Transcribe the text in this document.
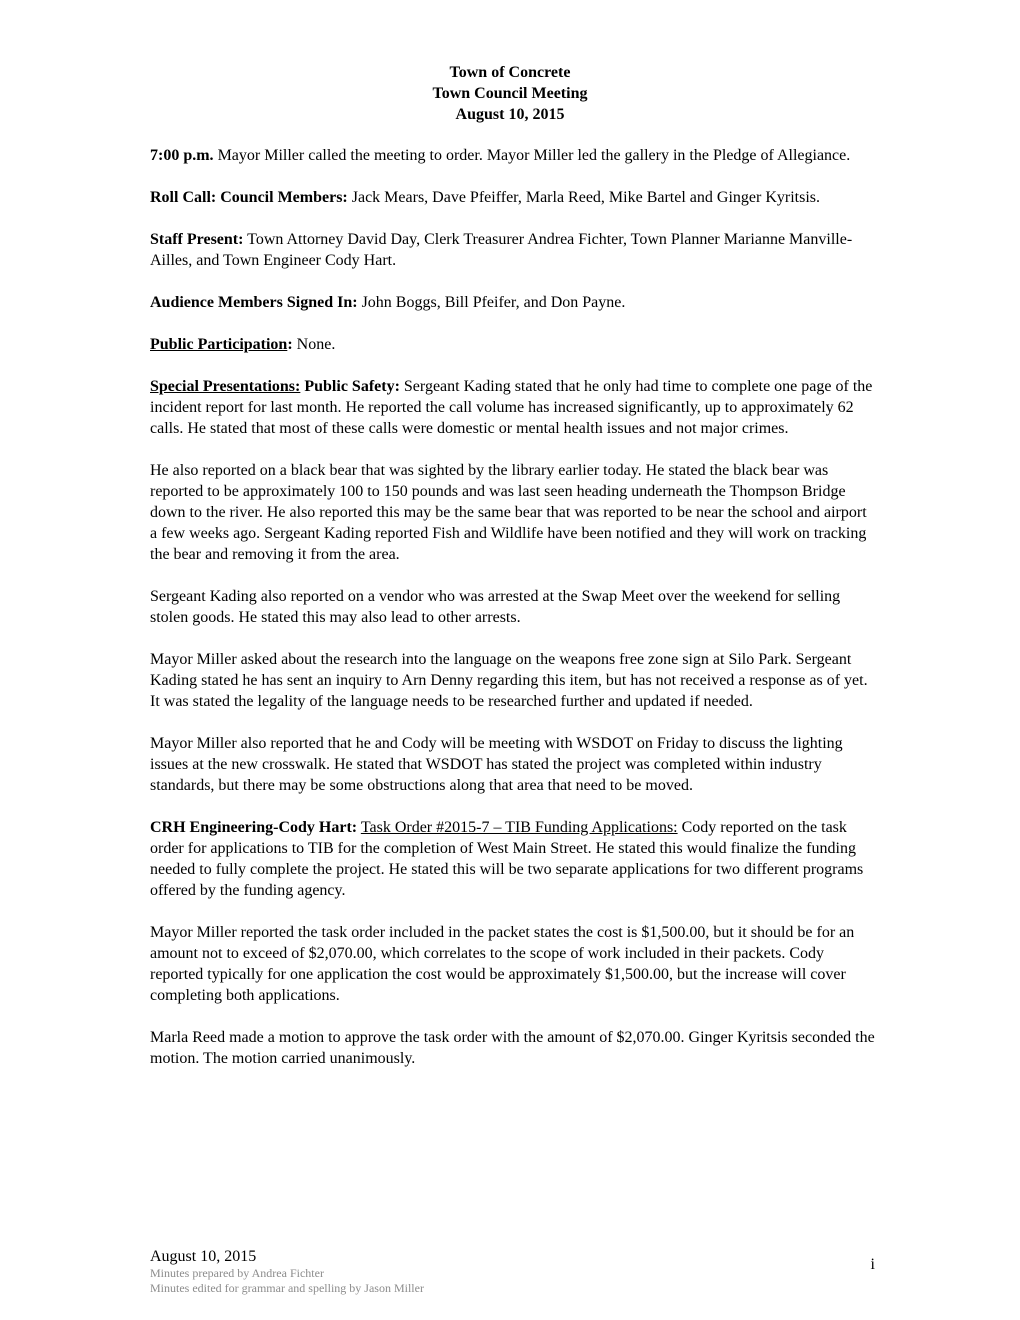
Town of Concrete
Town Council Meeting
August 10, 2015

7:00 p.m. Mayor Miller called the meeting to order. Mayor Miller led the gallery in the Pledge of Allegiance.

Roll Call: Council Members: Jack Mears, Dave Pfeiffer, Marla Reed, Mike Bartel and Ginger Kyritsis.

Staff Present: Town Attorney David Day, Clerk Treasurer Andrea Fichter, Town Planner Marianne Manville-Ailles, and Town Engineer Cody Hart.

Audience Members Signed In: John Boggs, Bill Pfeifer, and Don Payne.

Public Participation: None.

Special Presentations: Public Safety: Sergeant Kading stated that he only had time to complete one page of the incident report for last month. He reported the call volume has increased significantly, up to approximately 62 calls. He stated that most of these calls were domestic or mental health issues and not major crimes.

He also reported on a black bear that was sighted by the library earlier today. He stated the black bear was reported to be approximately 100 to 150 pounds and was last seen heading underneath the Thompson Bridge down to the river. He also reported this may be the same bear that was reported to be near the school and airport a few weeks ago. Sergeant Kading reported Fish and Wildlife have been notified and they will work on tracking the bear and removing it from the area.

Sergeant Kading also reported on a vendor who was arrested at the Swap Meet over the weekend for selling stolen goods. He stated this may also lead to other arrests.

Mayor Miller asked about the research into the language on the weapons free zone sign at Silo Park. Sergeant Kading stated he has sent an inquiry to Arn Denny regarding this item, but has not received a response as of yet. It was stated the legality of the language needs to be researched further and updated if needed.

Mayor Miller also reported that he and Cody will be meeting with WSDOT on Friday to discuss the lighting issues at the new crosswalk. He stated that WSDOT has stated the project was completed within industry standards, but there may be some obstructions along that area that need to be moved.

CRH Engineering-Cody Hart: Task Order #2015-7 – TIB Funding Applications: Cody reported on the task order for applications to TIB for the completion of West Main Street. He stated this would finalize the funding needed to fully complete the project. He stated this will be two separate applications for two different programs offered by the funding agency.

Mayor Miller reported the task order included in the packet states the cost is $1,500.00, but it should be for an amount not to exceed of $2,070.00, which correlates to the scope of work included in their packets. Cody reported typically for one application the cost would be approximately $1,500.00, but the increase will cover completing both applications.

Marla Reed made a motion to approve the task order with the amount of $2,070.00. Ginger Kyritsis seconded the motion. The motion carried unanimously.

August 10, 2015
Minutes prepared by Andrea Fichter
Minutes edited for grammar and spelling by Jason Miller
i
